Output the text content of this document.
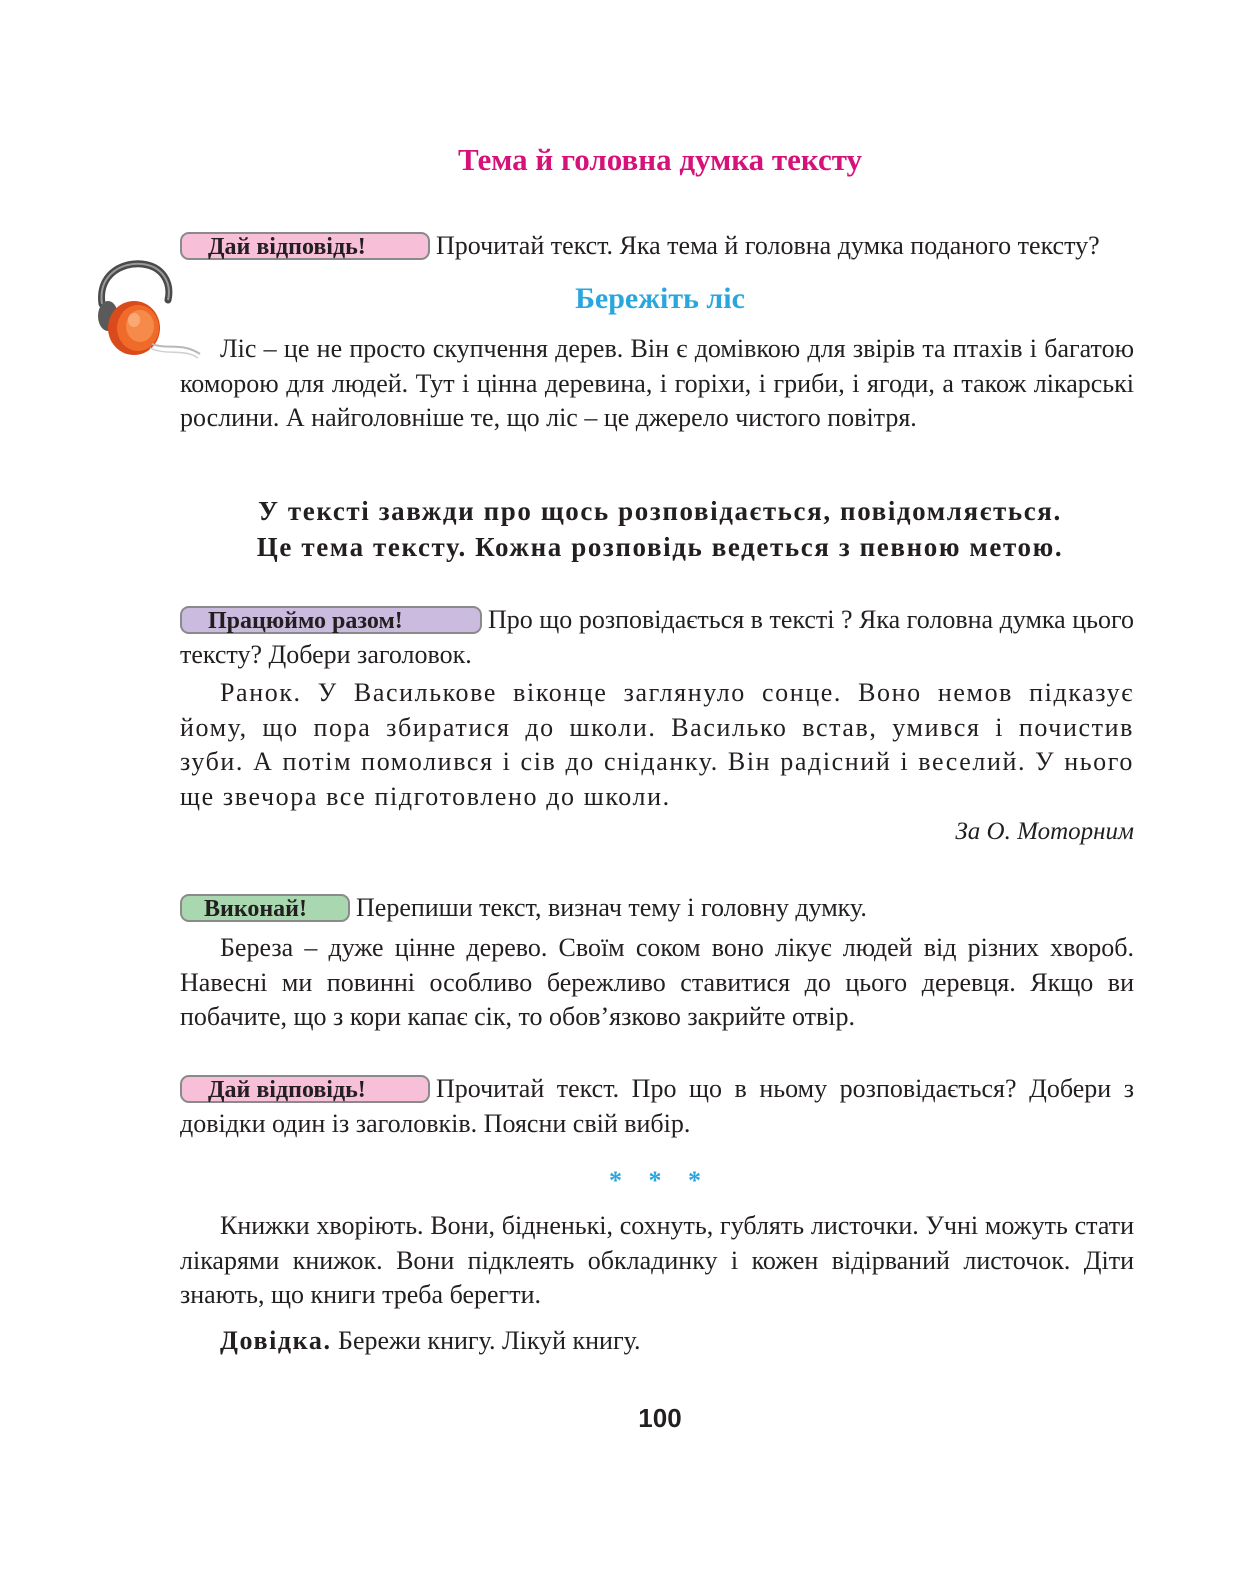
Тема й головна думка тексту

Дай відповідь!	Прочитай текст. Яка тема й головна думка поданого тексту?

Бережіть ліс

Ліс – це не просто скупчення дерев. Він є домівкою для звірів та птахів і багатою коморою для людей. Тут і цінна деревина, і горіхи, і гриби, і ягоди, а також лікарські рослини. А найголовніше те, що ліс – це джерело чистого повітря.

У тексті завжди про щось розповідається, повідомляється.

Це тема тексту. Кожна розповідь ведеться з певною метою.

Працюймо разом!	Про що розповідається в тексті ? Яка головна думка цього тексту? Добери заголовок.

Ранок. У Василькове віконце заглянуло сонце. Воно немов підказує йому, що пора збиратися до школи. Василько встав, умився і почистив зуби. А потім помолився і сів до сніданку. Він радісний і веселий. У нього ще звечора все підготовлено до школи.

За О. Моторним

Виконай! Перепиши текст, визнач тему і головну думку.

Береза – дуже цінне дерево. Своїм соком воно лікує людей від різних хвороб. Навесні ми повинні особливо бережливо ставитися до цього деревця. Якщо ви побачите, що з кори капає сік, то обов’язково закрийте отвір.

Дай відповідь!	Прочитай текст. Про що в ньому розповідається? Добери з довідки один із заголовків. Поясни свій вибір.

* * *

Книжки хворіють. Вони, бідненькі, сохнуть, гублять листочки. Учні можуть стати лікарями книжок. Вони підклеять обкладинку і кожен відірваний листочок. Діти знають, що книги треба берегти.

Довідка. Бережи книгу. Лікуй книгу.
100
